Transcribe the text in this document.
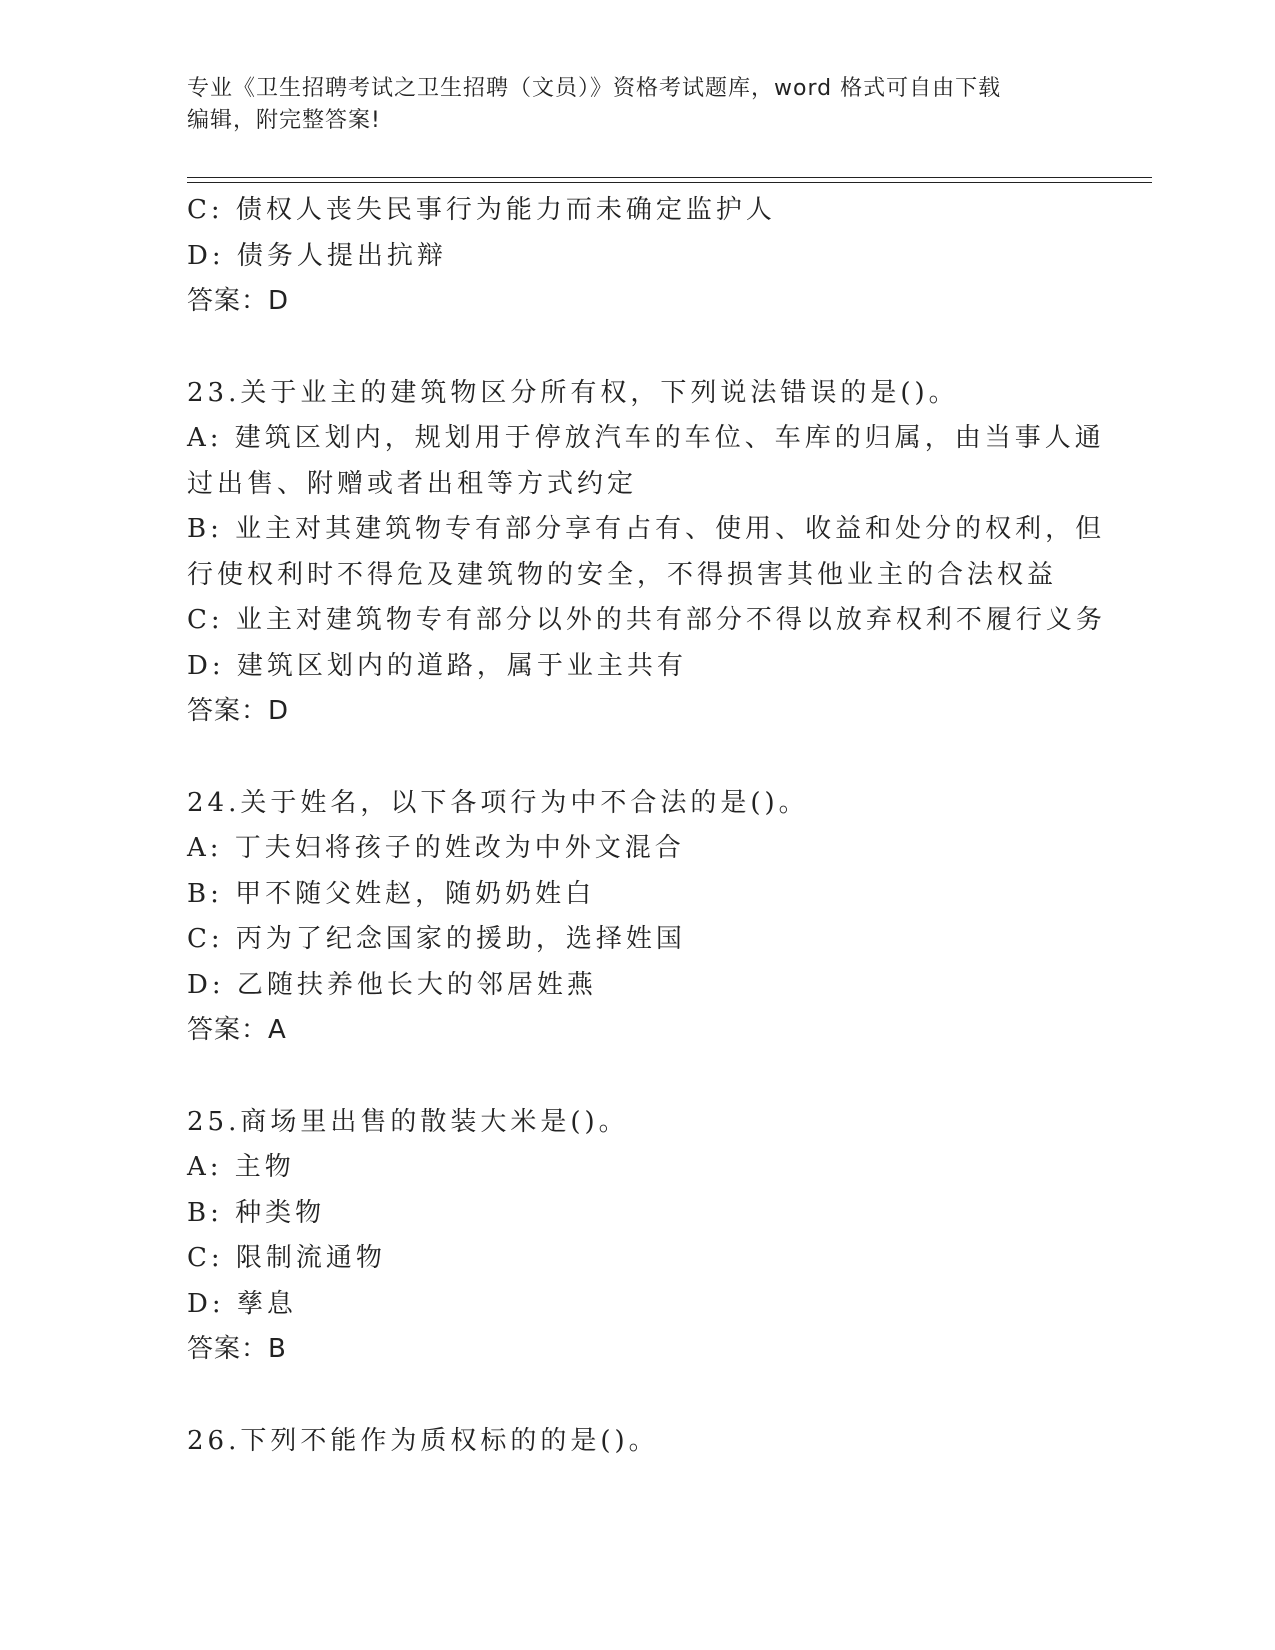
专业《卫生招聘考试之卫生招聘（文员）》资格考试题库，word 格式可自由下载
编辑，附完整答案!

C: 债权人丧失民事行为能力而未确定监护人

D: 债务人提出抗辩

答案：D

23.关于业主的建筑物区分所有权，下列说法错误的是()。

A: 建筑区划内，规划用于停放汽车的车位、车库的归属，由当事人通

过出售、附赠或者出租等方式约定

B: 业主对其建筑物专有部分享有占有、使用、收益和处分的权利，但

行使权利时不得危及建筑物的安全，不得损害其他业主的合法权益

C: 业主对建筑物专有部分以外的共有部分不得以放弃权利不履行义务

D: 建筑区划内的道路，属于业主共有

答案：D

24.关于姓名，以下各项行为中不合法的是()。

A: 丁夫妇将孩子的姓改为中外文混合

B: 甲不随父姓赵，随奶奶姓白

C: 丙为了纪念国家的援助，选择姓国

D: 乙随扶养他长大的邻居姓燕

答案：A

25.商场里出售的散装大米是()。

A: 主物

B: 种类物

C: 限制流通物

D: 孳息

答案：B

26.下列不能作为质权标的的是()。
